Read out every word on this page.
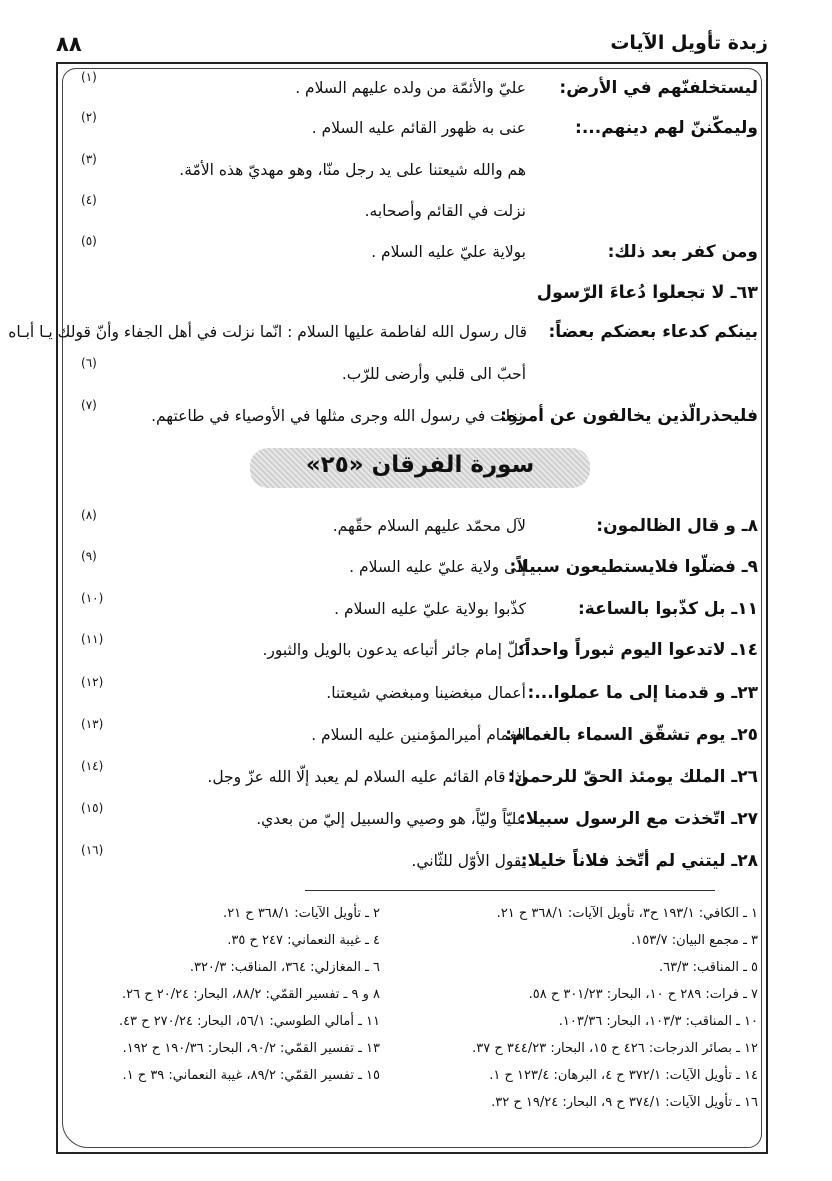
٨٨	زبدة تأويل الآيات
ليستخلفنّهم في الأرض:
عليّ والأئمّة من ولده عليهم السلام .
(١)
وليمكّننّ لهم دينهم...:
عنى به ظهور القائم عليه السلام .
(٢)
هم والله شيعتنا على يد رجل منّا، وهو مهديّ هذه الأمّة.
(٣)
نزلت في القائم وأصحابه.
(٤)
ومن كفر بعد ذلك:
بولاية عليّ عليه السلام .
(٥)
٦٣ـ لا تجعلوا دُعاءَ الرّسول
بينكم كدعاء بعضكم بعضاً:
قال رسول الله لفاطمة عليها السلام : انّما نزلت في أهل الجفاء وأنّ قولك يـا أبـاه
أحبّ الى قلبي وأرضى للرّب.
(٦)
فليحذرالّذين يخالفون عن أمره:
نزلت في رسول الله وجرى مثلها في الأوصياء في طاعتهم.
(٧)
سورة الفرقان «٢٥»
٨ـ و قال الظالمون:
لآل محمّد عليهم السلام حقّهم.
(٨)
٩ـ فضلّوا فلايستطيعون سبيلاً:
إلى ولاية عليّ عليه السلام .
(٩)
١١ـ بل كذّبوا بالساعة:
كذّبوا بولاية عليّ عليه السلام .
(١٠)
١٤ـ لاتدعوا اليوم ثبوراً واحداً:
كلّ إمام جائر أتباعه يدعون بالويل والثبور.
(١١)
٢٣ـ و قدمنا إلى ما عملوا...:
أعمال مبغضينا ومبغضي شيعتنا.
(١٢)
٢٥ـ يوم تشقّق السماء بالغمام:
الغمام أميرالمؤمنين عليه السلام .
(١٣)
٢٦ـ الملك يومئذ الحقّ للرحمن:
إذا قام القائم عليه السلام لم يعبد إلّا الله عزّ وجل.
(١٤)
٢٧ـ اتّخذت مع الرسول سبيلا:
عليّاً وليّاً، هو وصيي والسبيل إليّ من بعدي.
(١٥)
٢٨ـ ليتني لم أتّخذ فلاناً خليلا:
يقول الأوّل للثّاني.
(١٦)
١ ـ الكافي: ١٩٣/١ ح٣، تأويل الآيات: ٣٦٨/١ ح ٢١.
٣ ـ مجمع البيان: ١٥٣/٧.
٥ ـ المناقب: ٦٣/٣.
٧ ـ فرات: ٢٨٩ ح ١٠، البحار: ٣٠١/٢٣ ح ٥٨.
١٠ ـ المناقب: ١٠٣/٣، البحار: ١٠٣/٣٦.
١٢ ـ بصائر الدرجات: ٤٢٦ ح ١٥، البحار: ٣٤٤/٢٣ ح ٣٧.
١٤ ـ تأويل الآيات: ٣٧٢/١ ح ٤، البرهان: ١٢٣/٤ ح ١.
١٦ ـ تأويل الآيات: ٣٧٤/١ ح ٩، البحار: ١٩/٢٤ ح ٣٢.
٢ ـ تأويل الآيات: ٣٦٨/١ ح ٢١.
٤ ـ غيبة النعماني: ٢٤٧ ح ٣٥.
٦ ـ المغازلي: ٣٦٤، المناقب: ٣٢٠/٣.
٨ و ٩ ـ تفسير القمّي: ٨٨/٢، البحار: ٢٠/٢٤ ح ٢٦.
١١ ـ أمالي الطوسي: ٥٦/١، البحار: ٢٧٠/٢٤ ح ٤٣.
١٣ ـ تفسير القمّي: ٩٠/٢، البحار: ١٩٠/٣٦ ح ١٩٢.
١٥ ـ تفسير القمّي: ٨٩/٢، غيبة النعماني: ٣٩ ح ١.
